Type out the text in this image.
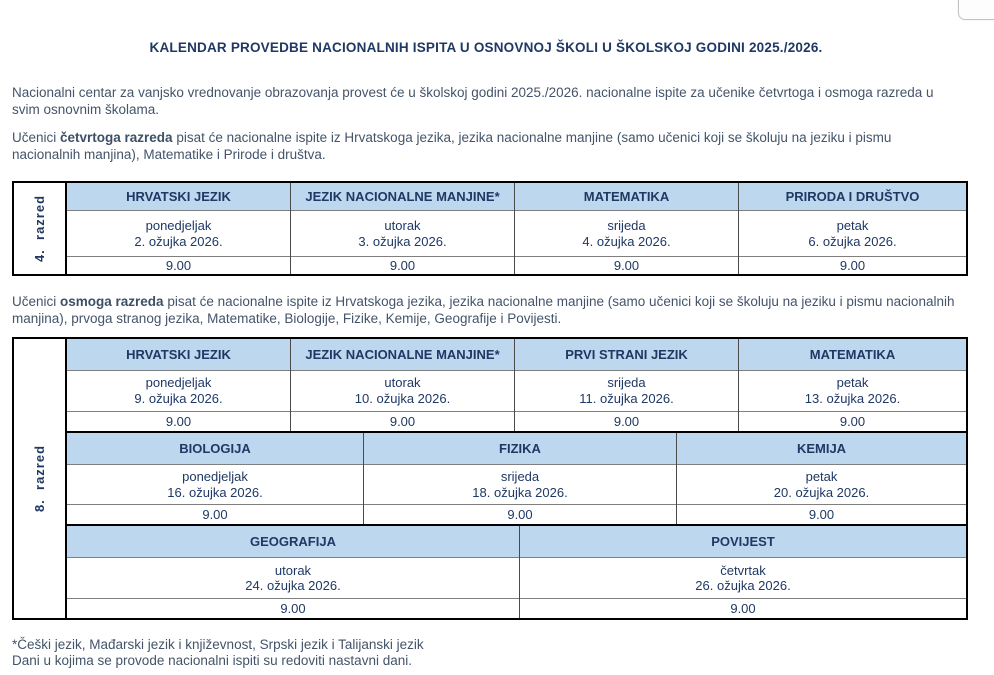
KALENDAR PROVEDBE NACIONALNIH ISPITA U OSNOVNOJ ŠKOLI U ŠKOLSKOJ GODINI 2025./2026.
Nacionalni centar za vanjsko vrednovanje obrazovanja provest će u školskoj godini 2025./2026. nacionalne ispite za učenike četvrtoga i osmoga razreda u svim osnovnim školama.
Učenici četvrtoga razreda pisat će nacionalne ispite iz Hrvatskoga jezika, jezika nacionalne manjine (samo učenici koji se školuju na jeziku i pismu nacionalnih manjina), Matematike i Prirode i društva.
4.  razred	HRVATSKI JEZIK
ponedjeljak
2. ožujka 2026.
9.00
JEZIK NACIONALNE MANJINE*
utorak
3. ožujka 2026.
9.00
MATEMATIKA
srijeda
4. ožujka 2026.
9.00
PRIRODA I DRUŠTVO
petak
6. ožujka 2026.
9.00
Učenici osmoga razreda pisat će nacionalne ispite iz Hrvatskoga jezika, jezika nacionalne manjine (samo učenici koji se školuju na jeziku i pismu nacionalnih manjina), prvoga stranog jezika, Matematike, Biologije, Fizike, Kemije, Geografije i Povijesti.
8.  razred
HRVATSKI JEZIK
ponedjeljak
9. ožujka 2026.
9.00
JEZIK NACIONALNE MANJINE*
utorak
10. ožujka 2026.
9.00
PRVI STRANI JEZIK
srijeda
11. ožujka 2026.
9.00
MATEMATIKA
petak
13. ožujka 2026.
9.00
BIOLOGIJA
ponedjeljak
16. ožujka 2026.
9.00
FIZIKA
srijeda
18. ožujka 2026.
9.00
KEMIJA
petak
20. ožujka 2026.
9.00
GEOGRAFIJA
utorak
24. ožujka 2026.
9.00
POVIJEST
četvrtak
26. ožujka 2026.
9.00
*Češki jezik, Mađarski jezik i književnost, Srpski jezik i Talijanski jezik
Dani u kojima se provode nacionalni ispiti su redoviti nastavni dani.
